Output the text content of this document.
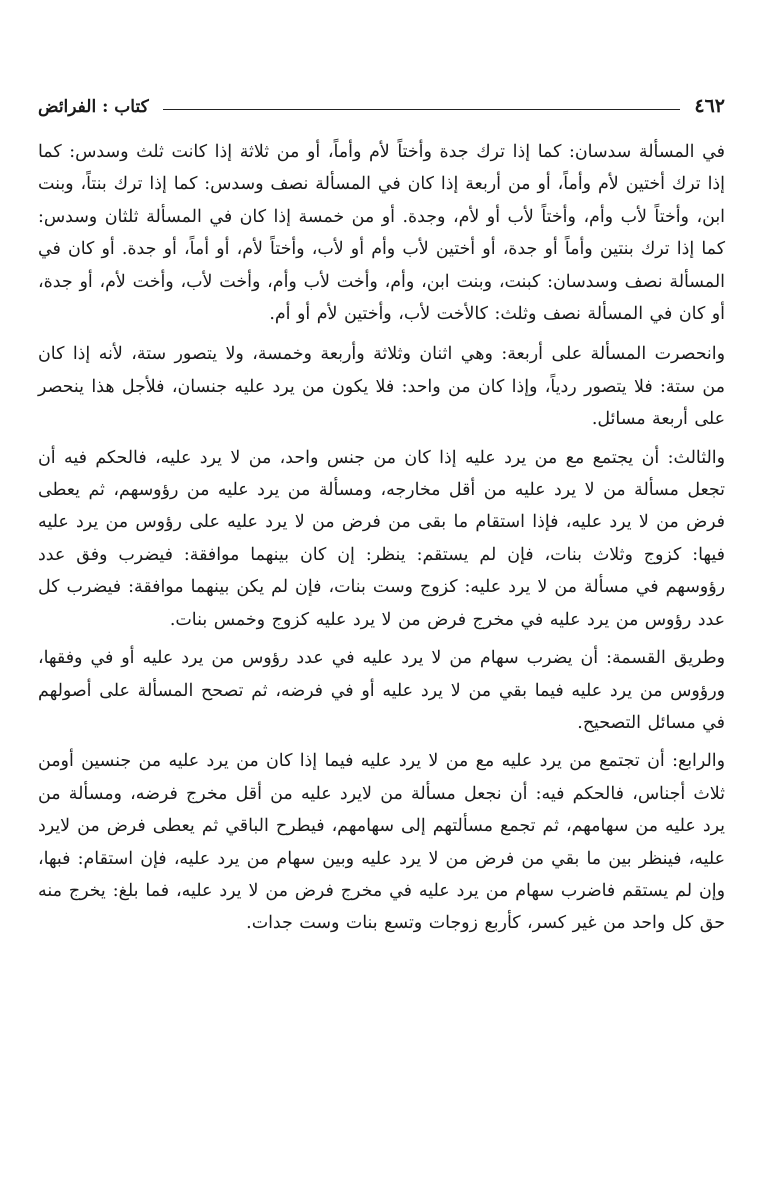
٤٦٢
كتاب : الفرائض

في المسألة سدسان: كما إذا ترك جدة وأختاً لأم وأماً، أو من ثلاثة إذا كانت ثلث وسدس: كما إذا ترك أختين لأم وأماً، أو من أربعة إذا كان في المسألة نصف وسدس: كما إذا ترك بنتاً، وبنت ابن، وأختاً لأب وأم، وأختاً لأب أو لأم، وجدة. أو من خمسة إذا كان في المسألة ثلثان وسدس: كما إذا ترك بنتين وأماً أو جدة، أو أختين لأب وأم أو لأب، وأختاً لأم، أو أماً، أو جدة. أو كان في المسألة نصف وسدسان: كبنت، وبنت ابن، وأم، وأخت لأب وأم، وأخت لأب، وأخت لأم، أو جدة، أو كان في المسألة نصف وثلث: كالأخت لأب، وأختين لأم أو أم.

وانحصرت المسألة على أربعة: وهي اثنان وثلاثة وأربعة وخمسة، ولا يتصور ستة، لأنه إذا كان من ستة: فلا يتصور ردياً، وإذا كان من واحد: فلا يكون من يرد عليه جنسان، فلأجل هذا ينحصر على أربعة مسائل.

والثالث: أن يجتمع مع من يرد عليه إذا كان من جنس واحد، من لا يرد عليه، فالحكم فيه أن تجعل مسألة من لا يرد عليه من أقل مخارجه، ومسألة من يرد عليه من رؤوسهم، ثم يعطى فرض من لا يرد عليه، فإذا استقام ما بقى من فرض من لا يرد عليه على رؤوس من يرد عليه فيها: كزوج وثلاث بنات، فإن لم يستقم: ينظر: إن كان بينهما موافقة: فيضرب وفق عدد رؤوسهم في مسألة من لا يرد عليه: كزوج وست بنات، فإن لم يكن بينهما موافقة: فيضرب كل عدد رؤوس من يرد عليه في مخرج فرض من لا يرد عليه كزوج وخمس بنات.

وطريق القسمة: أن يضرب سهام من لا يرد عليه في عدد رؤوس من يرد عليه أو في وفقها، ورؤوس من يرد عليه فيما بقي من لا يرد عليه أو في فرضه، ثم تصحح المسألة على أصولهم في مسائل التصحيح.

والرابع: أن تجتمع من يرد عليه مع من لا يرد عليه فيما إذا كان من يرد عليه من جنسين أومن ثلاث أجناس، فالحكم فيه: أن نجعل مسألة من لايرد عليه من أقل مخرج فرضه، ومسألة من يرد عليه من سهامهم، ثم تجمع مسألتهم إلى سهامهم، فيطرح الباقي ثم يعطى فرض من لايرد عليه، فينظر بين ما بقي من فرض من لا يرد عليه وبين سهام من يرد عليه، فإن استقام: فبها، وإن لم يستقم فاضرب سهام من يرد عليه في مخرج فرض من لا يرد عليه، فما بلغ: يخرج منه حق كل واحد من غير كسر، كأربع زوجات وتسع بنات وست جدات.
